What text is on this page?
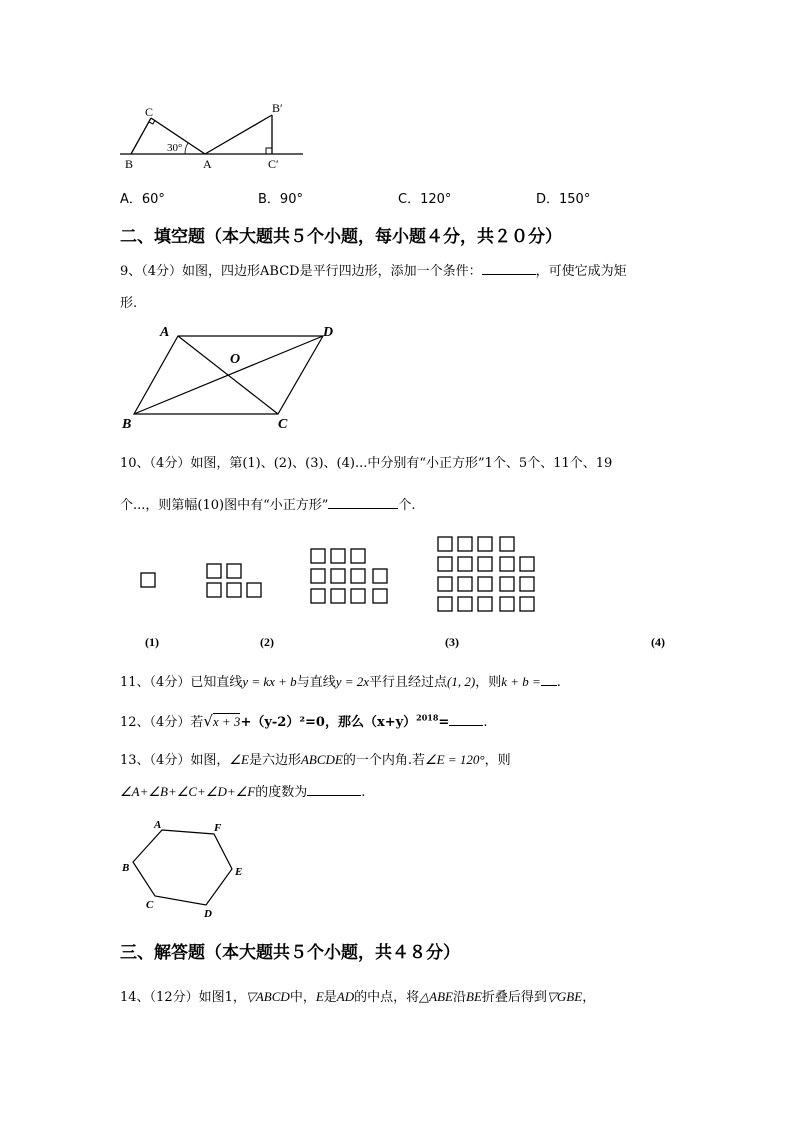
C
B	A
B′
C′
30°
A．60°	B．90°	C．120°	D．150°
二、填空题（本大题共５个小题，每小题４分，共２０分）
9、（4分）如图，四边形ABCD是平行四边形，添加一个条件：	，可使它成为矩
形.
A	D
O
B	C
10、（4分）如图，第(1)、(2)、(3)、(4)...中分别有“小正方形”1个、5个、11个、19
个...，则第幅(10)图中有“小正方形”	个.
(1)	(2)	(3)	(4)
11、（4分）已知直线y = kx + b与直线y = 2x平行且经过点(1, 2)，则k + b = .
12、（4分）若√x + 3+（y-2）²=0，那么$(x+y)^{2018}=$	.
13、（4分）如图，∠E是六边形ABCDE的一个内角.若∠E = 120°，则
∠A+∠B+∠C+∠D+∠F的度数为	.
A	F
B	E
C
D
三、解答题（本大题共５个小题，共４８分）
14、（12分）如图1，▽ABCD中，E是AD的中点，将△ABE沿BE折叠后得到▽GBE，
